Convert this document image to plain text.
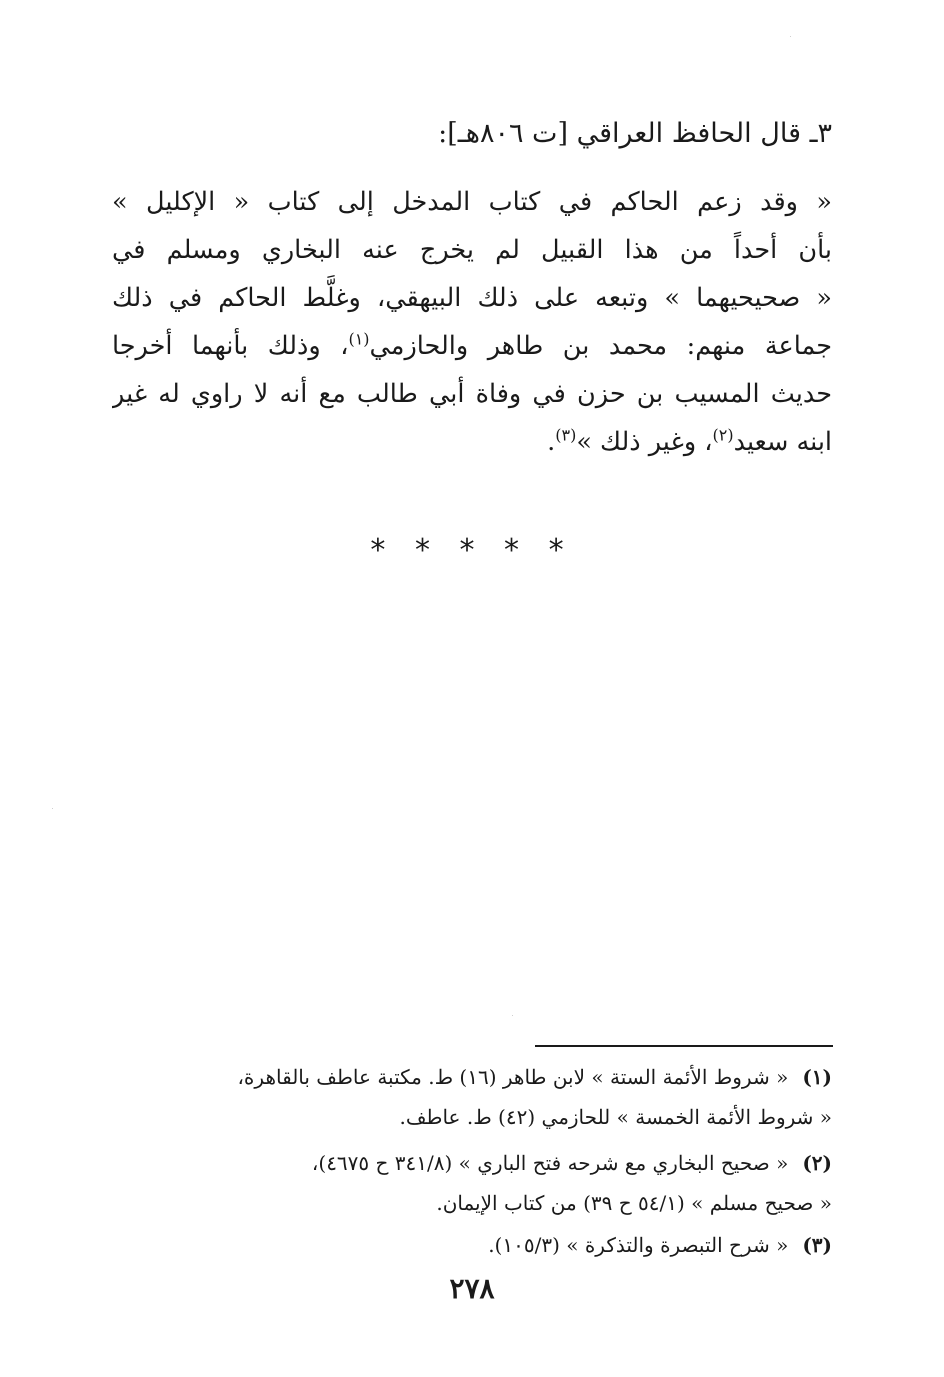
٣ـ قال الحافظ العراقي [ت ٨٠٦هـ]:
« وقد زعم الحاكم في كتاب المدخل إلى كتاب « الإكليل »
بأن أحداً من هذا القبيل لم يخرج عنه البخاري ومسلم في
« صحيحيهما » وتبعه على ذلك البيهقي، وغلَّط الحاكم في ذلك
جماعة منهم: محمد بن طاهر والحازمي$^{(١)}$، وذلك بأنهما أخرجا
حديث المسيب بن حزن في وفاة أبي طالب مع أنه لا راوي له غير
ابنه سعيد$^{(٢)}$، وغير ذلك »$^{(٣)}$.
* * * * *
(١)« شروط الأئمة الستة » لابن طاهر (١٦) ط. مكتبة عاطف بالقاهرة،
« شروط الأئمة الخمسة » للحازمي (٤٢) ط. عاطف.
(٢)« صحيح البخاري مع شرحه فتح الباري » (٣٤١/٨ ح ٤٦٧٥)،
« صحيح مسلم » (٥٤/١ ح ٣٩) من كتاب الإيمان.
(٣)« شرح التبصرة والتذكرة » (١٠٥/٣).
٢٧٨
